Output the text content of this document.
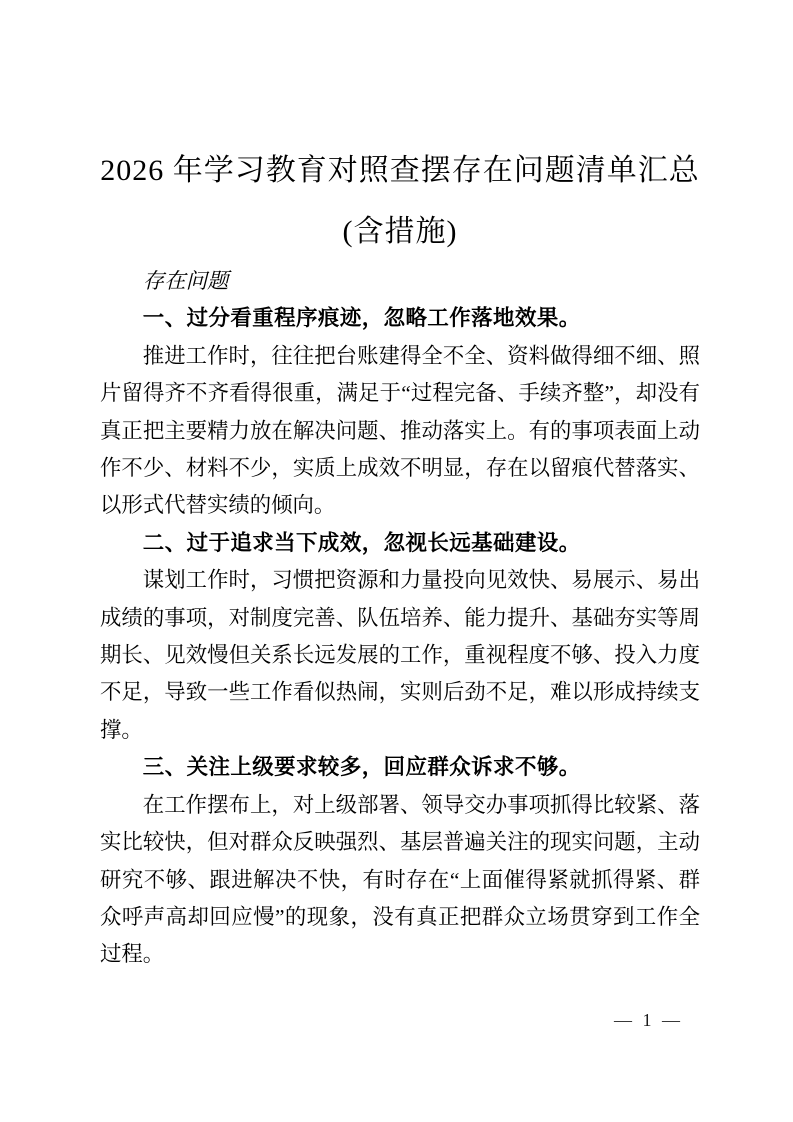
2026 年学习教育对照查摆存在问题清单汇总
(含措施)
存在问题
一、过分看重程序痕迹，忽略工作落地效果。

推进工作时，往往把台账建得全不全、资料做得细不细、照片留得齐不齐看得很重，满足于“过程完备、手续齐整”，却没有真正把主要精力放在解决问题、推动落实上。有的事项表面上动作不少、材料不少，实质上成效不明显，存在以留痕代替落实、以形式代替实绩的倾向。

二、过于追求当下成效，忽视长远基础建设。

谋划工作时，习惯把资源和力量投向见效快、易展示、易出成绩的事项，对制度完善、队伍培养、能力提升、基础夯实等周期长、见效慢但关系长远发展的工作，重视程度不够、投入力度不足，导致一些工作看似热闹，实则后劲不足，难以形成持续支撑。

三、关注上级要求较多，回应群众诉求不够。

在工作摆布上，对上级部署、领导交办事项抓得比较紧、落实比较快，但对群众反映强烈、基层普遍关注的现实问题，主动研究不够、跟进解决不快，有时存在“上面催得紧就抓得紧、群众呼声高却回应慢”的现象，没有真正把群众立场贯穿到工作全过程。

— 1 —
